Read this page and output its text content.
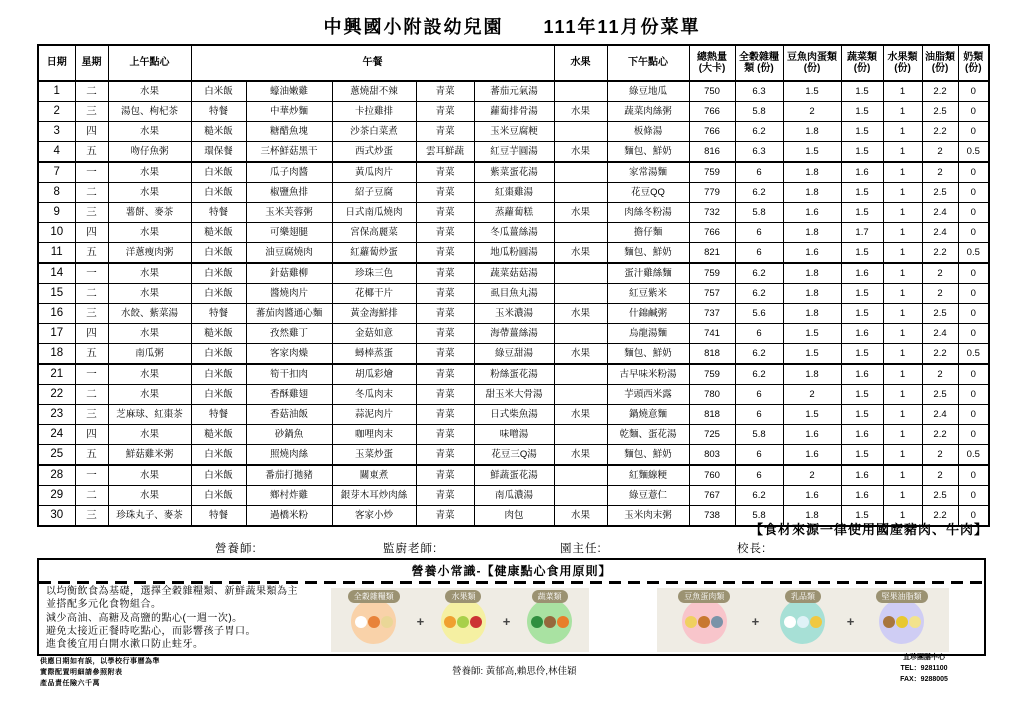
中興國小附設幼兒園　　111年11月份菜單
日期	星期	上午點心	午餐					水果	下午點心	總熱量 (大卡)	全穀雜糧類 (份)	豆魚肉蛋類 (份)	蔬菜類 (份)	水果類 (份)	油脂類 (份)	奶類 (份)
1	二	水果	白米飯	蠔油嫩雞	蔥燒甜不辣	青菜	蕃茄元氣湯		綠豆地瓜	750	6.3	1.5	1.5	1	2.2	0
2	三	湯包、枸杞茶	特餐	中華炒麵	卡拉雞排	青菜	蘿蔔排骨湯	水果	蔬菜肉絲粥	766	5.8	2	1.5	1	2.5	0
3	四	水果	糙米飯	糖醋魚塊	沙茶白菜煮	青菜	玉米豆腐粳		板條湯	766	6.2	1.8	1.5	1	2.2	0
4	五	吻仔魚粥	環保餐	三杯鮮菇黑干	西式炒蛋	雲耳鮮蔬	紅豆芋圓湯	水果	麵包、鮮奶	816	6.3	1.5	1.5	1	2	0.5
7	一	水果	白米飯	瓜子肉醬	黃瓜肉片	青菜	紫菜蛋花湯		家常湯麵	759	6	1.8	1.6	1	2	0
8	二	水果	白米飯	椒鹽魚排	紹子豆腐	青菜	紅棗雞湯		花豆QQ	779	6.2	1.8	1.5	1	2.5	0
9	三	薯餅、麥茶	特餐	玉米芙蓉粥	日式南瓜燒肉	青菜	蒸蘿蔔糕	水果	肉絲冬粉湯	732	5.8	1.6	1.5	1	2.4	0
10	四	水果	糙米飯	可樂翅腿	宮保高麗菜	青菜	冬瓜薑絲湯		擔仔麵	766	6	1.8	1.7	1	2.4	0
11	五	洋蔥瘦肉粥	白米飯	油豆腐燒肉	紅蘿蔔炒蛋	青菜	地瓜粉圓湯	水果	麵包、鮮奶	821	6	1.6	1.5	1	2.2	0.5
14	一	水果	白米飯	針菇雞柳	珍珠三色	青菜	蔬菜菇菇湯		蛋汁雞絲麵	759	6.2	1.8	1.6	1	2	0
15	二	水果	白米飯	醬燒肉片	花椰干片	青菜	虱目魚丸湯		紅豆紫米	757	6.2	1.8	1.5	1	2	0
16	三	水餃、紫菜湯	特餐	蕃茄肉醬通心麵	黃金海鮮排	青菜	玉米濃湯	水果	什錦鹹粥	737	5.6	1.8	1.5	1	2.5	0
17	四	水果	糙米飯	孜然雞丁	金菇如意	青菜	海帶薑絲湯		烏龍湯麵	741	6	1.5	1.6	1	2.4	0
18	五	南瓜粥	白米飯	客家肉燥	蟳棒蒸蛋	青菜	綠豆甜湯	水果	麵包、鮮奶	818	6.2	1.5	1.5	1	2.2	0.5
21	一	水果	白米飯	筍干扣肉	胡瓜彩燴	青菜	粉絲蛋花湯		古早味米粉湯	759	6.2	1.8	1.6	1	2	0
22	二	水果	白米飯	香酥雞翅	冬瓜肉末	青菜	甜玉米大骨湯		芋頭西米露	780	6	2	1.5	1	2.5	0
23	三	芝麻球、紅棗茶	特餐	香菇油飯	蒜泥肉片	青菜	日式柴魚湯	水果	鍋燒意麵	818	6	1.5	1.5	1	2.4	0
24	四	水果	糙米飯	砂鍋魚	咖哩肉末	青菜	味噌湯		乾麵、蛋花湯	725	5.8	1.6	1.6	1	2.2	0
25	五	鮮菇雞米粥	白米飯	照燒肉絲	玉菜炒蛋	青菜	花豆三Q湯	水果	麵包、鮮奶	803	6	1.6	1.5	1	2	0.5
28	一	水果	白米飯	番茄打拋豬	關東煮	青菜	鮮蔬蛋花湯		紅麵線粳	760	6	2	1.6	1	2	0
29	二	水果	白米飯	鄉村炸雞	銀芽木耳炒肉絲	青菜	南瓜濃湯		綠豆薏仁	767	6.2	1.6	1.6	1	2.5	0
30	三	珍珠丸子、麥茶	特餐	過橋米粉	客家小炒	青菜	肉包	水果	玉米肉末粥	738	5.8	1.8	1.5	1	2.2	0
【食材來源一律使用國產豬肉、牛肉】
營養師:	監廚老師:	園主任:	校長:
營養小常識-【健康點心食用原則】
以均衡飲食為基礎，選擇全穀雜糧類、新鮮蔬果類為主
並搭配多元化食物組合。
減少高油、高糖及高鹽的點心(一週一次)。
避免太接近正餐時吃點心，而影響孩子胃口。
進食後宜用白開水漱口防止蛀牙。
全穀雜糧類
+
水果類
+
蔬菜類	豆魚蛋肉類
+
乳品類
+
堅果油脂類
供應日期如有誤，以學校行事曆為準
實際配置明細請參照附表
產品責任險六千萬
營養師: 黃郁高,賴思伶,林佳穎
"宜珍團膳中心"
TEL：9281100
FAX：9288005
